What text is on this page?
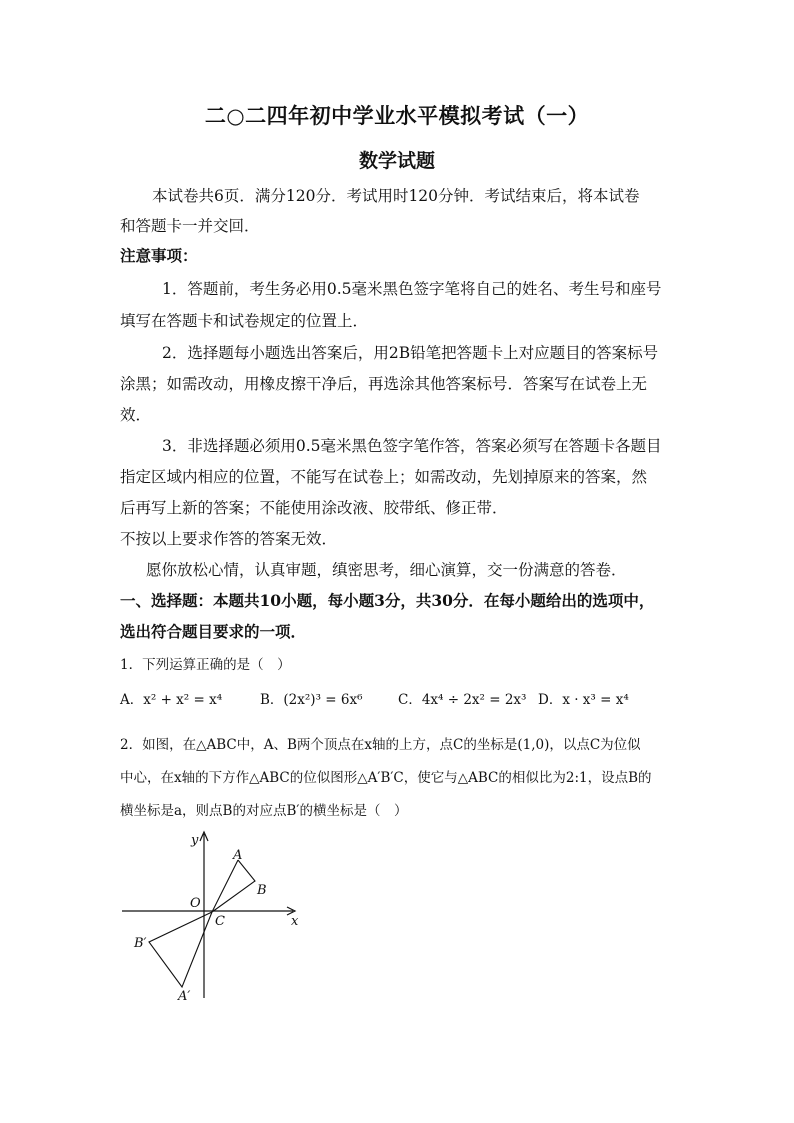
二○二四年初中学业水平模拟考试（一）
数学试题
本试卷共6页．满分120分．考试用时120分钟．考试结束后，将本试卷
和答题卡一并交回．
注意事项：
1．答题前，考生务必用0.5毫米黑色签字笔将自己的姓名、考生号和座号
填写在答题卡和试卷规定的位置上．
2．选择题每小题选出答案后，用2B铅笔把答题卡上对应题目的答案标号
涂黑；如需改动，用橡皮擦干净后，再选涂其他答案标号．答案写在试卷上无
效．
3．非选择题必须用0.5毫米黑色签字笔作答，答案必须写在答题卡各题目
指定区域内相应的位置，不能写在试卷上；如需改动，先划掉原来的答案，然
后再写上新的答案；不能使用涂改液、胶带纸、修正带．
不按以上要求作答的答案无效．
愿你放松心情，认真审题，缜密思考，细心演算，交一份满意的答卷．
一、选择题：本题共10小题，每小题3分，共30分．在每小题给出的选项中，
选出符合题目要求的一项．
1．下列运算正确的是（　）
A．x² + x² = x⁴	B．(2x²)³ = 6x⁶	C．4x⁴ ÷ 2x² = 2x³ D．x · x³ = x⁴
2．如图，在△ABC中，A、B两个顶点在x轴的上方，点C的坐标是(1,0)，以点C为位似
中心，在x轴的下方作△ABC的位似图形△A′B′C，使它与△ABC的相似比为2:1，设点B的
横坐标是a，则点B的对应点B′的横坐标是（　）
y
x
O
C
A
B
B′
A′
